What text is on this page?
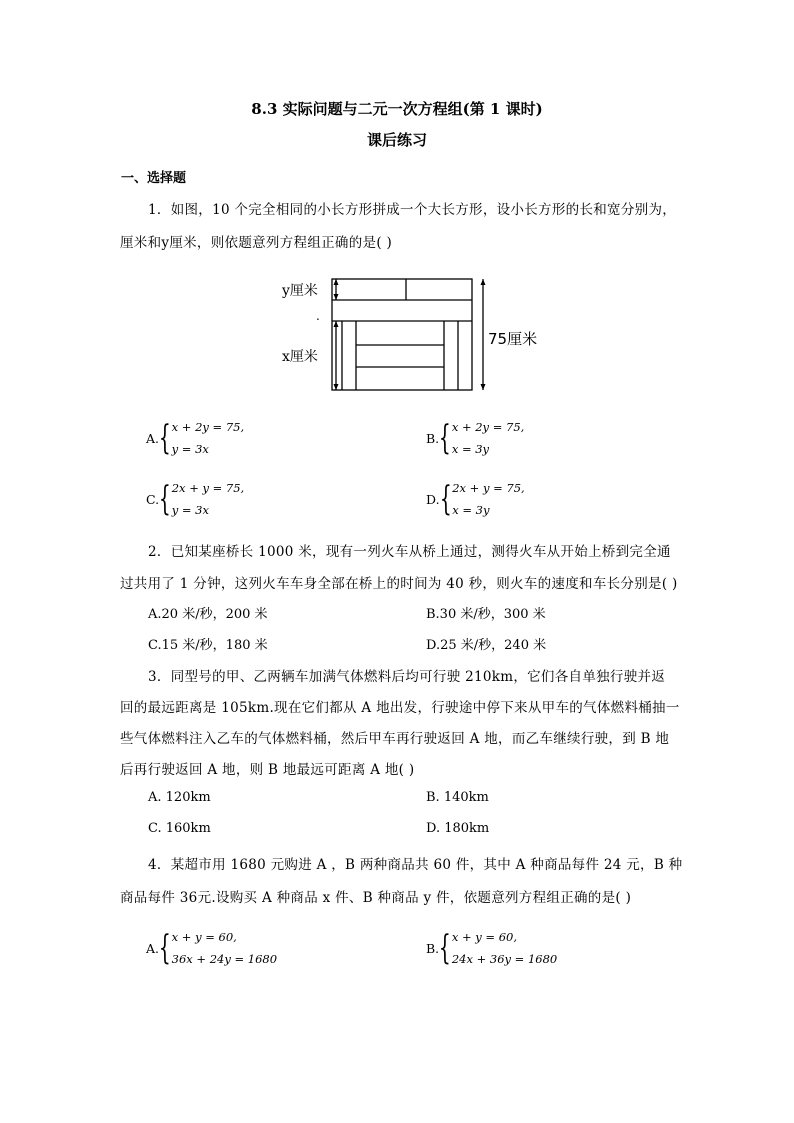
8.3 实际问题与二元一次方程组(第 1 课时)
课后练习
一、选择题
1．如图，10 个完全相同的小长方形拼成一个大长方形，设小长方形的长和宽分别为，
厘米和y厘米，则依题意列方程组正确的是( )
y厘米
.
x厘米
75厘米
A. { x + 2y = 75,
y = 3x
B. { x + 2y = 75,
x = 3y
C. { 2x + y = 75,
y = 3x
D. { 2x + y = 75,
x = 3y
2．已知某座桥长 1000 米，现有一列火车从桥上通过，测得火车从开始上桥到完全通
过共用了 1 分钟，这列火车车身全部在桥上的时间为 40 秒，则火车的速度和车长分别是( )
A.20 米/秒，200 米	B.30 米/秒，300 米
C.15 米/秒，180 米	D.25 米/秒，240 米
3．同型号的甲、乙两辆车加满气体燃料后均可行驶 210km，它们各自单独行驶并返
回的最远距离是 105km.现在它们都从 A 地出发，行驶途中停下来从甲车的气体燃料桶抽一
些气体燃料注入乙车的气体燃料桶，然后甲车再行驶返回 A 地，而乙车继续行驶，到 B 地
后再行驶返回 A 地，则 B 地最远可距离 A 地( )
A. 120km	B. 140km
C. 160km	D. 180km
4．某超市用 1680 元购进 A ，B 两种商品共 60 件，其中 A 种商品每件 24 元，B 种
商品每件 36元.设购买 A 种商品 x 件、B 种商品 y 件，依题意列方程组正确的是( )
A. { x + y = 60,
36x + 24y = 1680
B. { x + y = 60,
24x + 36y = 1680
